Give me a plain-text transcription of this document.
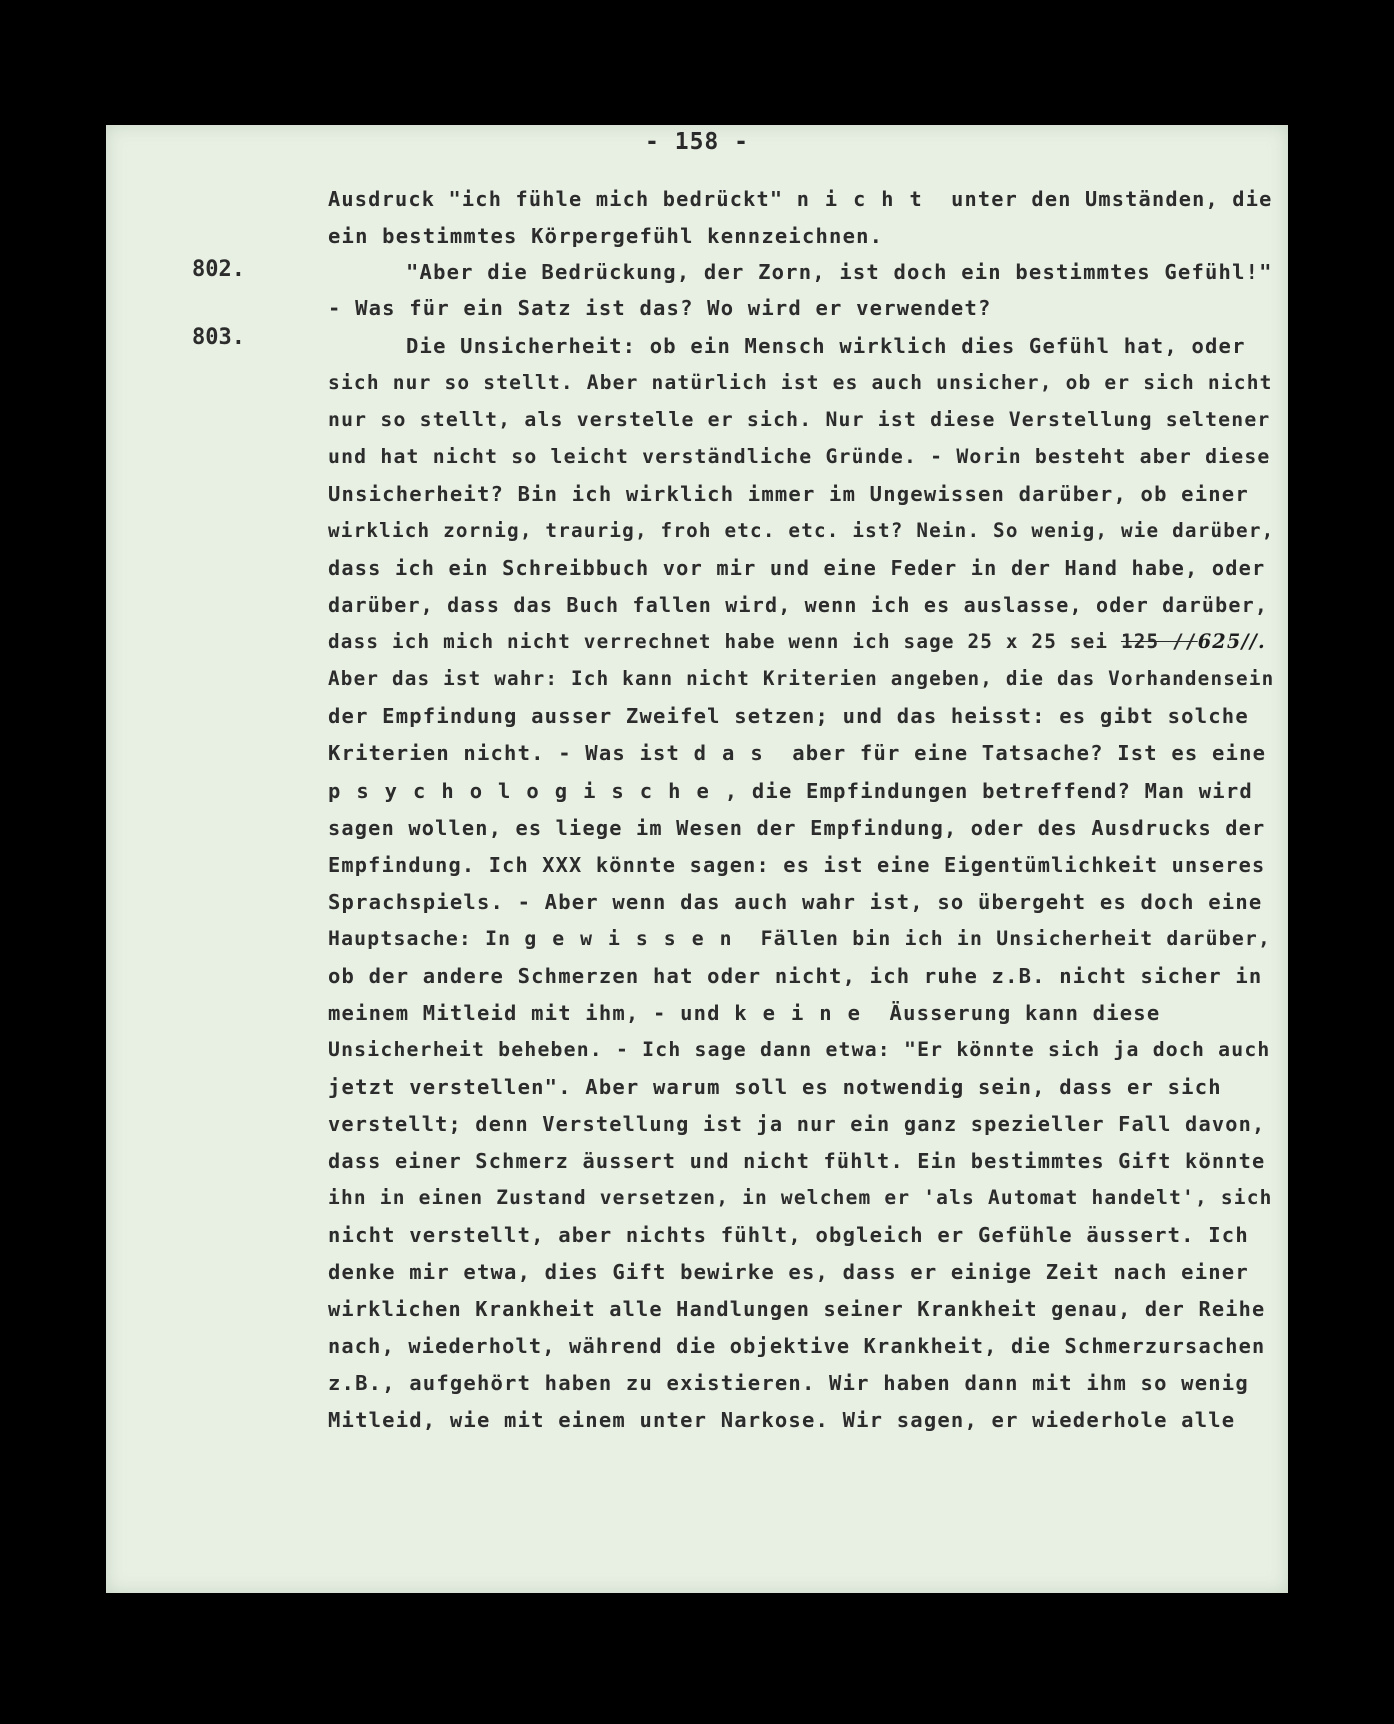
- 158 -
802.
803.
Ausdruck "ich fühle mich bedrückt" nicht unter den Umständen, die
ein bestimmtes Körpergefühl kennzeichnen.
"Aber die Bedrückung, der Zorn, ist doch ein bestimmtes Gefühl!"
- Was für ein Satz ist das? Wo wird er verwendet?
Die Unsicherheit: ob ein Mensch wirklich dies Gefühl hat, oder
sich nur so stellt. Aber natürlich ist es auch unsicher, ob er sich nicht
nur so stellt, als verstelle er sich. Nur ist diese Verstellung seltener
und hat nicht so leicht verständliche Gründe. - Worin besteht aber diese
Unsicherheit? Bin ich wirklich immer im Ungewissen darüber, ob einer
wirklich zornig, traurig, froh etc. etc. ist? Nein. So wenig, wie darüber,
dass ich ein Schreibbuch vor mir und eine Feder in der Hand habe, oder
darüber, dass das Buch fallen wird, wenn ich es auslasse, oder darüber,
dass ich mich nicht verrechnet habe wenn ich sage 25 x 25 sei 125 //625//.
Aber das ist wahr: Ich kann nicht Kriterien angeben, die das Vorhandensein
der Empfindung ausser Zweifel setzen; und das heisst: es gibt solche
Kriterien nicht. - Was ist das aber für eine Tatsache? Ist es eine
psychologische, die Empfindungen betreffend? Man wird
sagen wollen, es liege im Wesen der Empfindung, oder des Ausdrucks der
Empfindung. Ich XXX könnte sagen: es ist eine Eigentümlichkeit unseres
Sprachspiels. - Aber wenn das auch wahr ist, so übergeht es doch eine
Hauptsache: In gewissen Fällen bin ich in Unsicherheit darüber,
ob der andere Schmerzen hat oder nicht, ich ruhe z.B. nicht sicher in
meinem Mitleid mit ihm, - und keine Äusserung kann diese
Unsicherheit beheben. - Ich sage dann etwa: "Er könnte sich ja doch auch
jetzt verstellen". Aber warum soll es notwendig sein, dass er sich
verstellt; denn Verstellung ist ja nur ein ganz spezieller Fall davon,
dass einer Schmerz äussert und nicht fühlt. Ein bestimmtes Gift könnte
ihn in einen Zustand versetzen, in welchem er 'als Automat handelt', sich
nicht verstellt, aber nichts fühlt, obgleich er Gefühle äussert. Ich
denke mir etwa, dies Gift bewirke es, dass er einige Zeit nach einer
wirklichen Krankheit alle Handlungen seiner Krankheit genau, der Reihe
nach, wiederholt, während die objektive Krankheit, die Schmerzursachen
z.B., aufgehört haben zu existieren. Wir haben dann mit ihm so wenig
Mitleid, wie mit einem unter Narkose. Wir sagen, er wiederhole alle
